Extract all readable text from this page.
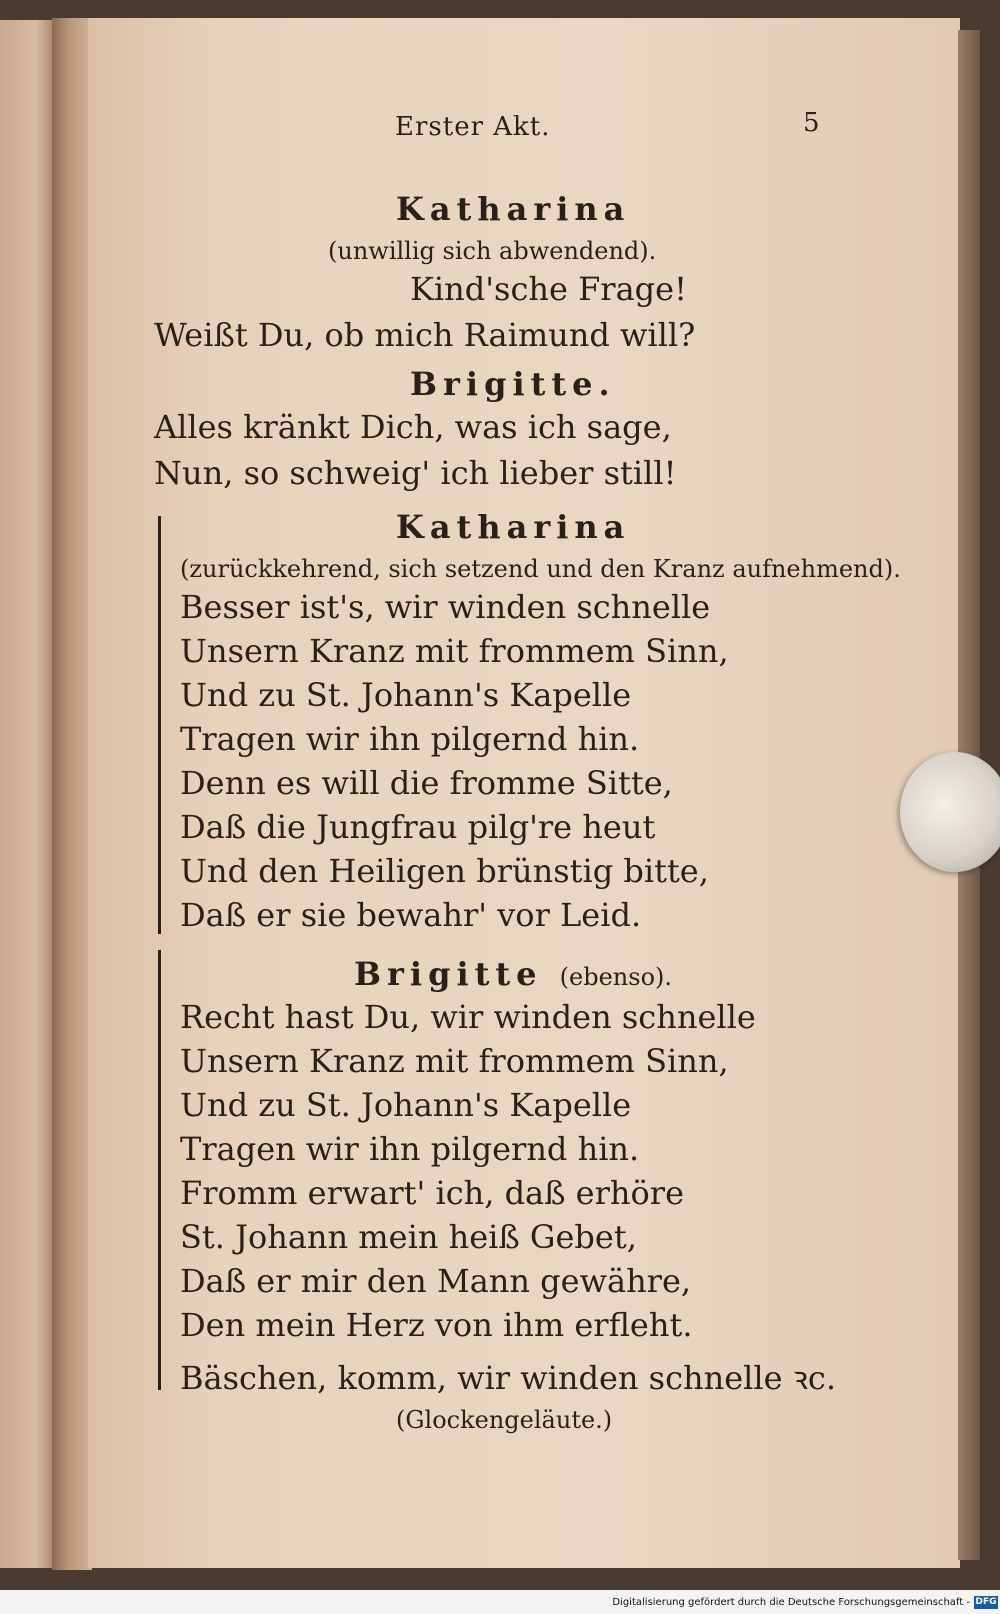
Erster Akt.	5
Katharina
(unwillig sich abwendend).
Kind'sche Frage!
Weißt Du, ob mich Raimund will?
Brigitte.
Alles kränkt Dich, was ich sage,
Nun, so schweig' ich lieber still!
Katharina
(zurückkehrend, sich setzend und den Kranz aufnehmend).
Besser ist's, wir winden schnelle
Unsern Kranz mit frommem Sinn,
Und zu St. Johann's Kapelle
Tragen wir ihn pilgernd hin.
Denn es will die fromme Sitte,
Daß die Jungfrau pilg're heut
Und den Heiligen brünstig bitte,
Daß er sie bewahr' vor Leid.
Brigitte (ebenso).
Recht hast Du, wir winden schnelle
Unsern Kranz mit frommem Sinn,
Und zu St. Johann's Kapelle
Tragen wir ihn pilgernd hin.
Fromm erwart' ich, daß erhöre
St. Johann mein heiß Gebet,
Daß er mir den Mann gewähre,
Den mein Herz von ihm erfleht.
Bäschen, komm, wir winden schnelle ꝛc.
(Glockengeläute.)
Digitalisierung gefördert durch die Deutsche Forschungsgemeinschaft - DFG
